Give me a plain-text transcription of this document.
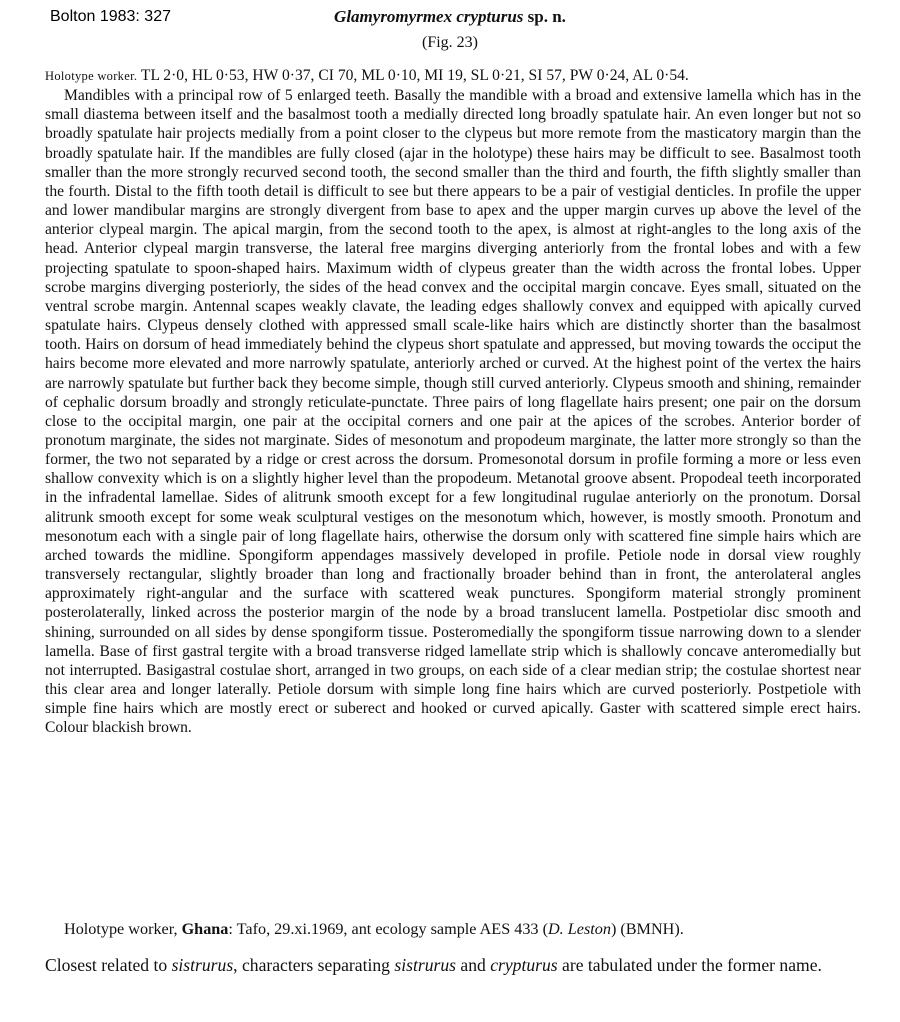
Bolton 1983: 327	Glamyromyrmex crypturus sp. n.
(Fig. 23)

Holotype worker. TL 2·0, HL 0·53, HW 0·37, CI 70, ML 0·10, MI 19, SL 0·21, SI 57, PW 0·24, AL 0·54.
Mandibles with a principal row of 5 enlarged teeth. Basally the mandible with a broad and extensive lamella which has in the small diastema between itself and the basalmost tooth a medially directed long broadly spatulate hair. An even longer but not so broadly spatulate hair projects medially from a point closer to the clypeus but more remote from the masticatory margin than the broadly spatulate hair. If the mandibles are fully closed (ajar in the holotype) these hairs may be difficult to see. Basalmost tooth smaller than the more strongly recurved second tooth, the second smaller than the third and fourth, the fifth slightly smaller than the fourth. Distal to the fifth tooth detail is difficult to see but there appears to be a pair of vestigial denticles. In profile the upper and lower mandibular margins are strongly divergent from base to apex and the upper margin curves up above the level of the anterior clypeal margin. The apical margin, from the second tooth to the apex, is almost at right-angles to the long axis of the head. Anterior clypeal margin transverse, the lateral free margins diverging anteriorly from the frontal lobes and with a few projecting spatulate to spoon-shaped hairs. Maximum width of clypeus greater than the width across the frontal lobes. Upper scrobe margins diverging posteriorly, the sides of the head convex and the occipital margin concave. Eyes small, situated on the ventral scrobe margin. Antennal scapes weakly clavate, the leading edges shallowly convex and equipped with apically curved spatulate hairs. Clypeus densely clothed with appressed small scale-like hairs which are distinctly shorter than the basalmost tooth. Hairs on dorsum of head immediately behind the clypeus short spatulate and appressed, but moving towards the occiput the hairs become more elevated and more narrowly spatulate, anteriorly arched or curved. At the highest point of the vertex the hairs are narrowly spatulate but further back they become simple, though still curved anteriorly. Clypeus smooth and shining, remainder of cephalic dorsum broadly and strongly reticulate-punctate. Three pairs of long flagellate hairs present; one pair on the dorsum close to the occipital margin, one pair at the occipital corners and one pair at the apices of the scrobes. Anterior border of pronotum marginate, the sides not marginate. Sides of mesonotum and propodeum marginate, the latter more strongly so than the former, the two not separated by a ridge or crest across the dorsum. Promesonotal dorsum in profile forming a more or less even shallow convexity which is on a slightly higher level than the propodeum. Metanotal groove absent. Propodeal teeth incorporated in the infradental lamellae. Sides of alitrunk smooth except for a few longitudinal rugulae anteriorly on the pronotum. Dorsal alitrunk smooth except for some weak sculptural vestiges on the mesonotum which, however, is mostly smooth. Pronotum and mesonotum each with a single pair of long flagellate hairs, otherwise the dorsum only with scattered fine simple hairs which are arched towards the midline. Spongiform appendages massively developed in profile. Petiole node in dorsal view roughly transversely rectangular, slightly broader than long and fractionally broader behind than in front, the anterolateral angles approximately right-angular and the surface with scattered weak punctures. Spongiform material strongly prominent posterolaterally, linked across the posterior margin of the node by a broad translucent lamella. Postpetiolar disc smooth and shining, surrounded on all sides by dense spongiform tissue. Posteromedially the spongiform tissue narrowing down to a slender lamella. Base of first gastral tergite with a broad transverse ridged lamellate strip which is shallowly concave anteromedially but not interrupted. Basigastral costulae short, arranged in two groups, on each side of a clear median strip; the costulae shortest near this clear area and longer laterally. Petiole dorsum with simple long fine hairs which are curved posteriorly. Postpetiole with simple fine hairs which are mostly erect or suberect and hooked or curved apically. Gaster with scattered simple erect hairs. Colour blackish brown.

Holotype worker, Ghana: Tafo, 29.xi.1969, ant ecology sample AES 433 (D. Leston) (BMNH).

Closest related to sistrurus, characters separating sistrurus and crypturus are tabulated under the former name.
